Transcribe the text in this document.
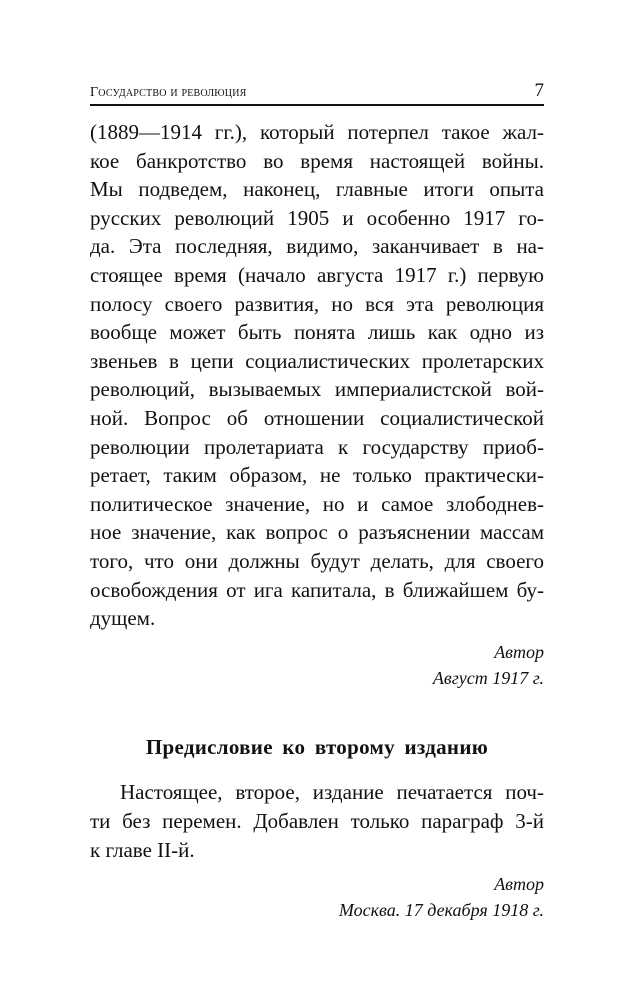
Государство и революция	7
(1889—1914 гг.), который потерпел такое жал-
кое банкротство во время настоящей войны.
Мы подведем, наконец, главные итоги опыта
русских революций 1905 и особенно 1917 го-
да. Эта последняя, видимо, заканчивает в на-
стоящее время (начало августа 1917 г.) первую
полосу своего развития, но вся эта революция
вообще может быть понята лишь как одно из
звеньев в цепи социалистических пролетарских
революций, вызываемых империалистской вой-
ной. Вопрос об отношении социалистической
революции пролетариата к государству приоб-
ретает, таким образом, не только практически-
политическое значение, но и самое злободнев-
ное значение, как вопрос о разъяснении массам
того, что они должны будут делать, для своего
освобождения от ига капитала, в ближайшем бу-
дущем.
Автор
Август 1917 г.
Предисловие ко второму изданию
Настоящее, второе, издание печатается поч-
ти без перемен. Добавлен только параграф 3-й
к главе II-й.
Автор
Москва. 17 декабря 1918 г.
